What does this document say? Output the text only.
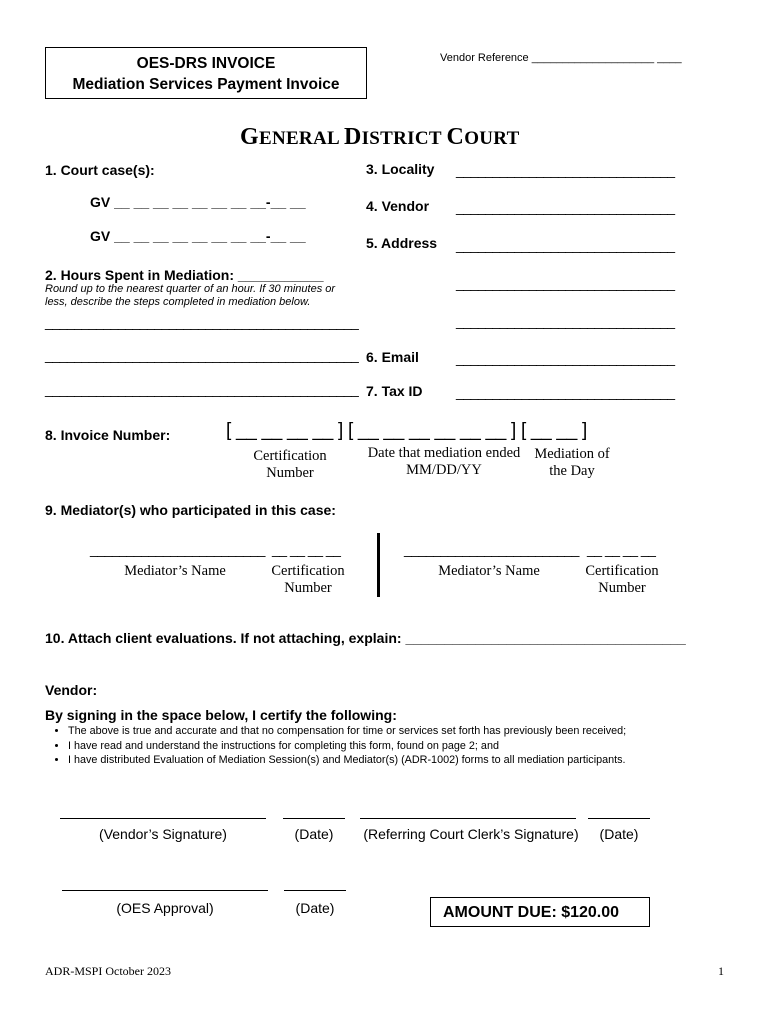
OES-DRS INVOICE
Mediation Services Payment Invoice
Vendor Reference ____________________ ____
GENERAL DISTRICT COURT
1. Court case(s):
GV __ __ __ __ __ __ __ __-__ __
GV __ __ __ __ __ __ __ __-__ __
2. Hours Spent in Mediation: ___________
Round up to the nearest quarter of an hour. If 30 minutes or
less, describe the steps completed in mediation below.
___________________________________________
___________________________________________
___________________________________________
3. Locality ______________________________
4. Vendor ______________________________
5. Address ______________________________
______________________________
______________________________
6. Email	______________________________
7. Tax ID ______________________________
8. Invoice Number:	[ __ __ __ __ ] [ __ __ __ __ __ __ ] [ __ __ ]
Certification
Number
Date that mediation ended
MM/DD/YY
Mediation of
the Day
9. Mediator(s) who participated in this case:
________________________ __ __ __ __
Mediator’s Name	Certification
Number
________________________ __ __ __ __
Mediator’s Name	Certification
Number
10. Attach client evaluations. If not attaching, explain: ____________________________________
Vendor:
By signing in the space below, I certify the following:
• The above is true and accurate and that no compensation for time or services set forth has previously been received;
• I have read and understand the instructions for completing this form, found on page 2; and
• I have distributed Evaluation of Mediation Session(s) and Mediator(s) (ADR-1002) forms to all mediation participants.
(Vendor’s Signature)	(Date)	(Referring Court Clerk’s Signature)	(Date)
(OES Approval)	(Date)	AMOUNT DUE: $120.00
ADR-MSPI October 2023	1
